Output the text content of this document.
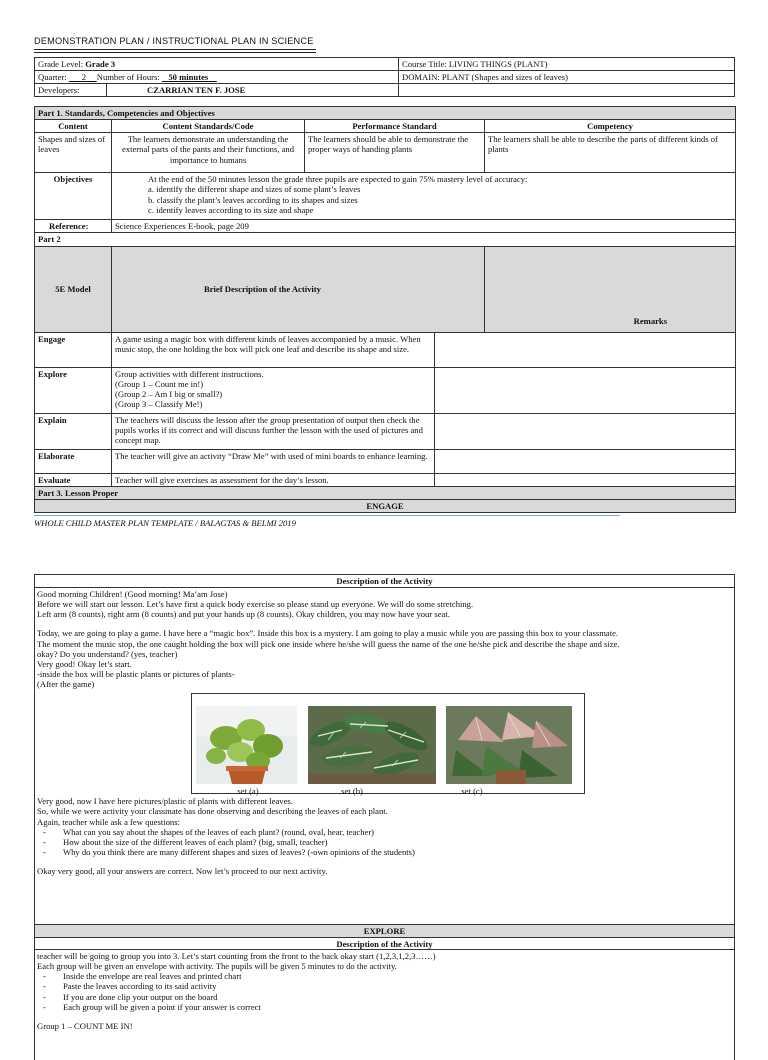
DEMONSTRATION PLAN / INSTRUCTIONAL PLAN IN SCIENCE
Grade Level: Grade 3		Course Title: LIVING THINGS (PLANT)
Quarter: 2 Number of Hours: 50 minutes		DOMAIN: PLANT (Shapes and sizes of leaves)
Developers:	CZARRIAN TEN F. JOSE	
Part 1. Standards, Competencies and Objectives				
Content	Content Standards/Code	Performance Standard		Competency
Shapes and sizes of leaves	The learners demonstrate an understanding the external parts of the pants and their functions, and importance to humans	The learners should be able to demonstrate the proper ways of handing plants		The learners shall be able to describe the parts of different kinds of plants
Objectives	At the end of the 50 minutes lesson the grade three pupils are expected to gain 75% mastery level of accuracy:
a. identify the different shape and sizes of some plant’s leaves
b. classify the plant’s leaves according to its shapes and sizes
c. identify leaves according to its size and shape			

Reference:	Science Experiences E-book, page 209			
Part 2				
5E Model	Brief Description of the Activity			Remarks
Engage	A game using a magic box with different kinds of leaves accompanied by a music. When music stop, the one holding the box will pick one leaf and describe its shape and size.			
Explore	Group activities with different instructions.
(Group 1 – Count me in!)
(Group 2 – Am I big or small?)
(Group 3 – Classify Me!)			
Explain	The teachers will discuss the lesson after the group presentation of output then check the pupils works if its correct and will discuss further the lesson with the used of pictures and concept map.			
Elaborate	The teacher will give an activity “Draw Me” with used of mini boards to enhance learning.			
Evaluate	Teacher will give exercises as assessment for the day’s lesson.			
Part 3. Lesson Proper				
ENGAGE				
WHOLE CHILD MASTER PLAN TEMPLATE / BALAGTAS & BELMI 2019
Description of the Activity

Good morning Children! (Good morning! Ma’am Jose)

Before we will start our lesson. Let’s have first a quick body exercise so please stand up everyone. We will do some stretching.

Left arm (8 counts), right arm (8 counts) and put your hands up (8 counts). Okay children, you may now have your seat.

Today, we are going to play a game. I have here a “magic box”. Inside this box is a mystery. I am going to play a music while you are passing this box to your classmate.

The moment the music stop, the one caught holding the box will pick one inside where he/she will guess the name of the one he/she pick and describe the shape and size.

okay? Do you understand? (yes, teacher)

Very good! Okay let’s start.

-inside the box will be plastic plants or pictures of plants-

(After the game)

set (a)	set (b)	set (c)

Very good, now I have here pictures/plastic of plants with different leaves.

So, while we were activity your classmate has done observing and describing the leaves of each plant.

Again, teacher while ask a few questions:

- What can you say about the shapes of the leaves of each plant? (round, oval, hear, teacher)

- How about the size of the different leaves of each plant? (big, small, teacher)

- Why do you think there are many different shapes and sizes of leaves? (-own opinions of the students)

Okay very good, all your answers are correct. Now let’s proceed to our next activity.

EXPLORE
Description of the Activity

teacher will be going to group you into 3. Let’s start counting from the front to the back okay start (1,2,3,1,2,3……)

Each group will be given an envelope with activity. The pupils will be given 5 minutes to do the activity.

- Inside the envelope are real leaves and printed chart

- Paste the leaves according to its said activity

- If you are done clip your output on the board

- Each group will be given a point if your answer is correct

Group 1 – COUNT ME IN!
